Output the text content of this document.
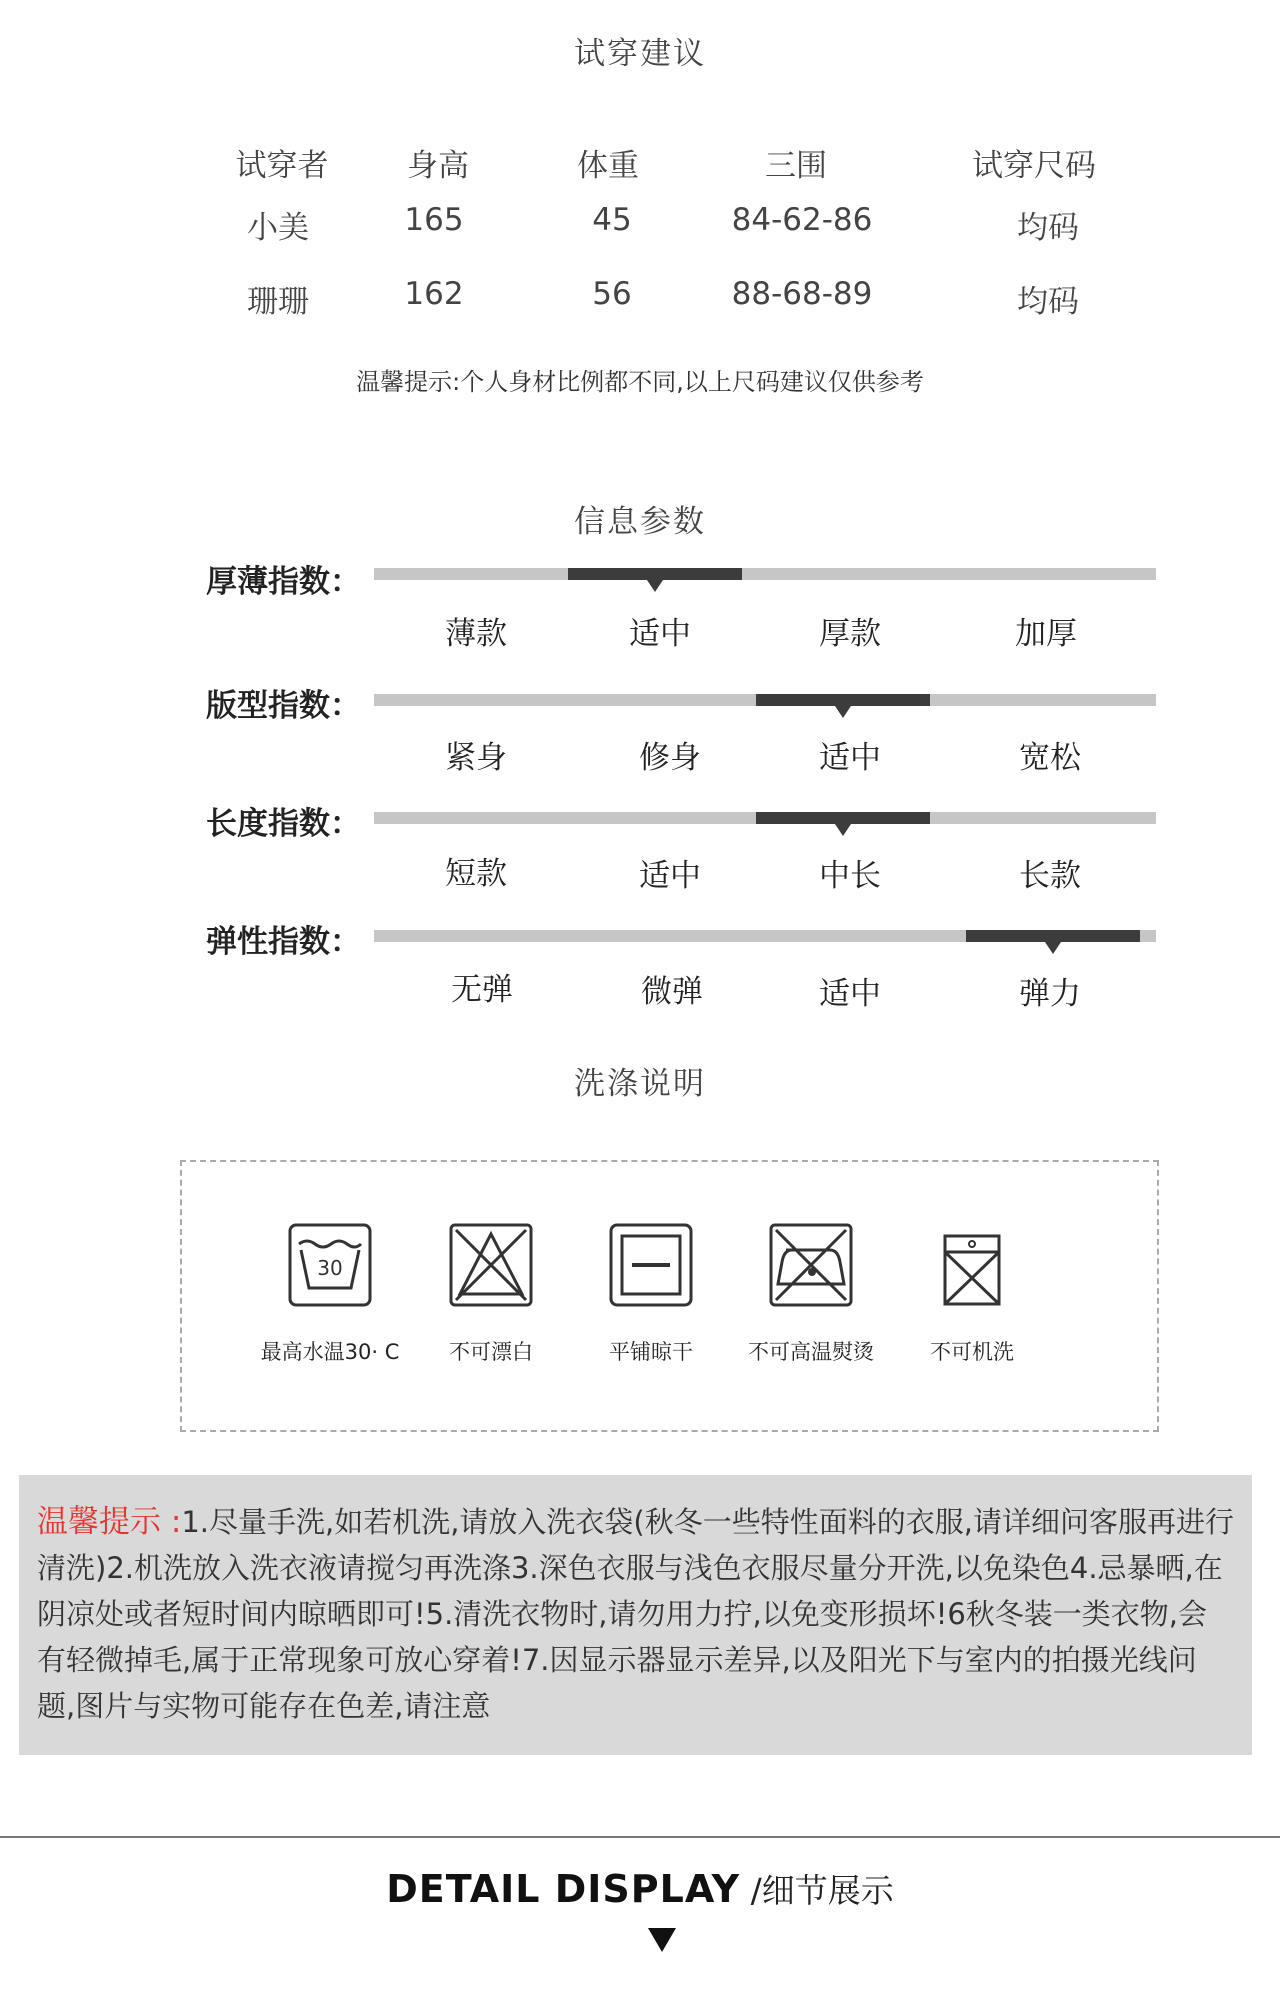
试穿建议
试穿者	身高	体重	三围	试穿尺码
小美	165	45	84-62-86	均码
珊珊	162	56	88-68-89	均码
温馨提示:个人身材比例都不同,以上尺码建议仅供参考
信息参数
厚薄指数：
薄款	适中	厚款	加厚
版型指数：
紧身	修身	适中	宽松
长度指数：
短款	适中	中长	长款
弹性指数：
无弹	微弹	适中	弹力
洗涤说明
30
最高水温30· C	不可漂白	平铺晾干	不可高温熨烫	不可机洗
温馨提示 :1.尽量手洗,如若机洗,请放入洗衣袋(秋冬一些特性面料的衣服,请详细问客服再进行清洗)2.机洗放入洗衣液请搅匀再洗涤3.深色衣服与浅色衣服尽量分开洗,以免染色4.忌暴晒,在阴凉处或者短时间内晾晒即可!5.清洗衣物时,请勿用力拧,以免变形损坏!6秋冬装一类衣物,会有轻微掉毛,属于正常现象可放心穿着!7.因显示器显示差异,以及阳光下与室内的拍摄光线问题,图片与实物可能存在色差,请注意
DETAIL DISPLAY /细节展示
